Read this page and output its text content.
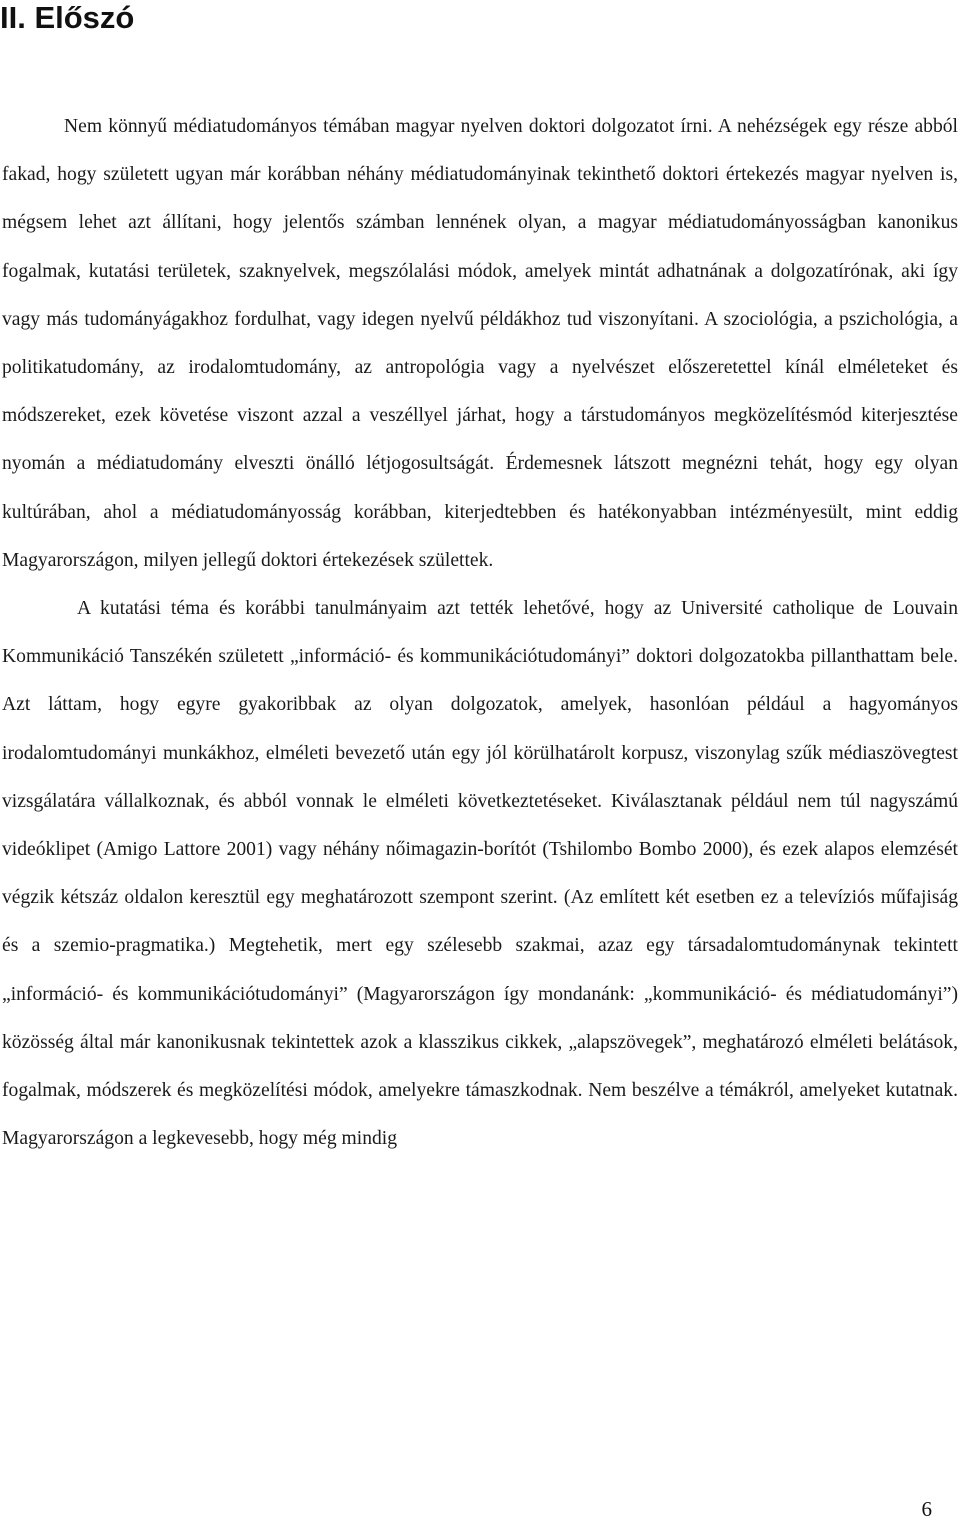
II. Előszó

Nem könnyű médiatudományos témában magyar nyelven doktori dolgozatot írni. A nehézségek egy része abból fakad, hogy született ugyan már korábban néhány médiatudományinak tekinthető doktori értekezés magyar nyelven is, mégsem lehet azt állítani, hogy jelentős számban lennének olyan, a magyar médiatudományosságban kanonikus fogalmak, kutatási területek, szaknyelvek, megszólalási módok, amelyek mintát adhatnának a dolgozatírónak, aki így vagy más tudományágakhoz fordulhat, vagy idegen nyelvű példákhoz tud viszonyítani. A szociológia, a pszichológia, a politikatudomány, az irodalomtudomány, az antropológia vagy a nyelvészet előszeretettel kínál elméleteket és módszereket, ezek követése viszont azzal a veszéllyel járhat, hogy a társtudományos megközelítésmód kiterjesztése nyomán a médiatudomány elveszti önálló létjogosultságát. Érdemesnek látszott megnézni tehát, hogy egy olyan kultúrában, ahol a médiatudományosság korábban, kiterjedtebben és hatékonyabban intézményesült, mint eddig Magyarországon, milyen jellegű doktori értekezések születtek.

A kutatási téma és korábbi tanulmányaim azt tették lehetővé, hogy az Université catholique de Louvain Kommunikáció Tanszékén született „információ- és kommunikációtudományi” doktori dolgozatokba pillanthattam bele. Azt láttam, hogy egyre gyakoribbak az olyan dolgozatok, amelyek, hasonlóan például a hagyományos irodalomtudományi munkákhoz, elméleti bevezető után egy jól körülhatárolt korpusz, viszonylag szűk médiaszövegtest vizsgálatára vállalkoznak, és abból vonnak le elméleti következtetéseket. Kiválasztanak például nem túl nagyszámú videóklipet (Amigo Lattore 2001) vagy néhány nőimagazin-borítót (Tshilombo Bombo 2000), és ezek alapos elemzését végzik kétszáz oldalon keresztül egy meghatározott szempont szerint. (Az említett két esetben ez a televíziós műfajiság és a szemio-pragmatika.) Megtehetik, mert egy szélesebb szakmai, azaz egy társadalomtudománynak tekintett „információ- és kommunikációtudományi” (Magyarországon így mondanánk: „kommunikáció- és médiatudományi”) közösség által már kanonikusnak tekintettek azok a klasszikus cikkek, „alapszövegek”, meghatározó elméleti belátások, fogalmak, módszerek és megközelítési módok, amelyekre támaszkodnak. Nem beszélve a témákról, amelyeket kutatnak. Magyarországon a legkevesebb, hogy még mindig

6
